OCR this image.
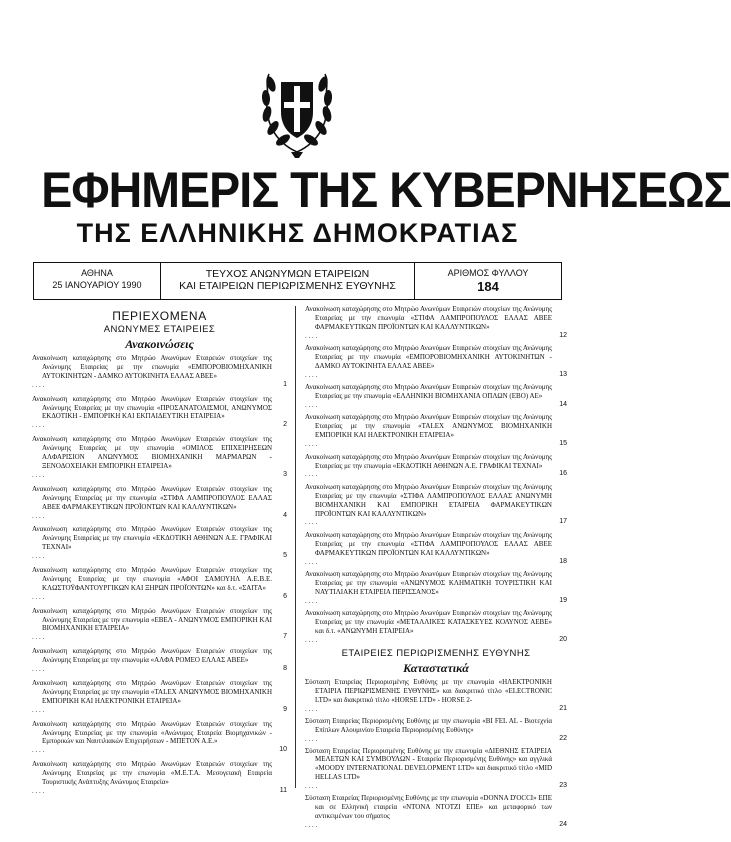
ΕΦΗΜΕΡΙΣ ΤΗΣ ΚΥΒΕΡΝΗΣΕΩΣ
ΤΗΣ ΕΛΛΗΝΙΚΗΣ ΔΗΜΟΚΡΑΤΙΑΣ
ΑΘΗΝΑ
25 ΙΑΝΟΥΑΡΙΟΥ 1990
ΤΕΥΧΟΣ ΑΝΩΝΥΜΩΝ ΕΤΑΙΡΕΙΩΝ
ΚΑΙ ΕΤΑΙΡΕΙΩΝ ΠΕΡΙΩΡΙΣΜΕΝΗΣ ΕΥΘΥΝΗΣ
ΑΡΙΘΜΟΣ ΦΥΛΛΟΥ
184
ΠΕΡΙΕΧΟΜΕΝΑ
ΑΝΩΝΥΜΕΣ ΕΤΑΙΡΕΙΕΣ
Ανακοινώσεις
Ανακοίνωση καταχώρησης στο Μητρώο Ανωνύμων Εταιρειών στοιχείων της Ανώνυμης Εταιρείας με την επωνυμία «ΕΜΠΟΡΟΒΙΟΜΗΧΑΝΙΚΗ ΑΥΤΟΚΙΝΗΤΩΝ - ΔΑΜΚΟ ΑΥΤΟΚΙΝΗΤΑ ΕΛΛΑΣ ΑΒΕΕ»
. . . .	1
Ανακοίνωση καταχώρησης στο Μητρώο Ανωνύμων Εταιρειών στοιχείων της Ανώνυμης Εταιρείας με την επωνυμία «ΠΡΟΣΑΝΑΤΟΛΙΣΜΟΙ, ΑΝΩΝΥΜΟΣ ΕΚΔΟΤΙΚΗ - ΕΜΠΟΡΙΚΗ ΚΑΙ ΕΚΠΑΙΔΕΥΤΙΚΗ ΕΤΑΙΡΕΙΑ»
. . . .	2
Ανακοίνωση καταχώρησης στο Μητρώο Ανωνύμων Εταιρειών στοιχείων της Ανώνυμης Εταιρείας με την επωνυμία «ΟΜΙΛΟΣ ΕΠΙΧΕΙΡΗΣΕΩΝ ΑΛΦΑΡΙΣΙΟΝ ΑΝΩΝΥΜΟΣ ΒΙΟΜΗΧΑΝΙΚΗ ΜΑΡΜΑΡΩΝ - ΞΕΝΟΔΟΧΕΙΑΚΗ ΕΜΠΟΡΙΚΗ ΕΤΑΙΡΕΙΑ»
. . . .	3
Ανακοίνωση καταχώρησης στο Μητρώο Ανωνύμων Εταιρειών στοιχείων της Ανώνυμης Εταιρείας με την επωνυμία «ΣΤΙΦΑ ΛΑΜΠΡΟΠΟΥΛΟΣ ΕΛΛΑΣ ΑΒΕΕ ΦΑΡΜΑΚΕΥΤΙΚΩΝ ΠΡΟΪΟΝΤΩΝ ΚΑΙ ΚΑΛΛΥΝΤΙΚΩΝ»
. . . .	4
Ανακοίνωση καταχώρησης στο Μητρώο Ανωνύμων Εταιρειών στοιχείων της Ανώνυμης Εταιρείας με την επωνυμία «ΕΚΔΟΤΙΚΗ ΑΘΗΝΩΝ Α.Ε. ΓΡΑΦΙΚΑΙ ΤΕΧΝΑΙ»
. . . .	5
Ανακοίνωση καταχώρησης στο Μητρώο Ανωνύμων Εταιρειών στοιχείων της Ανώνυμης Εταιρείας με την επωνυμία «ΑΦΟΙ ΣΑΜΟΥΗΛ Α.Ε.Β.Ε. ΚΛΩΣΤΟΫΦΑΝΤΟΥΡΓΙΚΩΝ ΚΑΙ ΞΗΡΩΝ ΠΡΟΪΟΝΤΩΝ» και δ.τ. «ΣΑΙΤΑ»
. . . .	6
Ανακοίνωση καταχώρησης στο Μητρώο Ανωνύμων Εταιρειών στοιχείων της Ανώνυμης Εταιρείας με την επωνυμία «ΕΒΕΛ - ΑΝΩΝΥΜΟΣ ΕΜΠΟΡΙΚΗ ΚΑΙ ΒΙΟΜΗΧΑΝΙΚΗ ΕΤΑΙΡΕΙΑ»
. . . .	7
Ανακοίνωση καταχώρησης στο Μητρώο Ανωνύμων Εταιρειών στοιχείων της Ανώνυμης Εταιρείας με την επωνυμία «ΑΛΦΑ ΡΟΜΕΟ ΕΛΛΑΣ ΑΒΕΕ»
. . . .	8
Ανακοίνωση καταχώρησης στο Μητρώο Ανωνύμων Εταιρειών στοιχείων της Ανώνυμης Εταιρείας με την επωνυμία «TALEX ΑΝΩΝΥΜΟΣ ΒΙΟΜΗΧΑΝΙΚΗ ΕΜΠΟΡΙΚΗ ΚΑΙ ΗΛΕΚΤΡΟΝΙΚΗ ΕΤΑΙΡΕΙΑ»
. . . .	9
Ανακοίνωση καταχώρησης στο Μητρώο Ανωνύμων Εταιρειών στοιχείων της Ανώνυμης Εταιρείας με την επωνυμία «Ανώνυμος Εταιρεία Βιομηχανικών - Εμπορικών και Ναυτιλιακών Επιχειρήσεων - ΜΠΕΤΟΝ Α.Ε.»
. . . .	10
Ανακοίνωση καταχώρησης στο Μητρώο Ανωνύμων Εταιρειών στοιχείων της Ανώνυμης Εταιρείας με την επωνυμία «Μ.Ε.Τ.Α. Μεσογειακή Εταιρεία Τουριστικής Ανάπτυξης Ανώνυμος Εταιρεία»
. . . .	11
Ανακοίνωση καταχώρησης στο Μητρώο Ανωνύμων Εταιρειών στοιχείων της Ανώνυμης Εταιρείας με την επωνυμία «ΣΤΙΦΑ ΛΑΜΠΡΟΠΟΥΛΟΣ ΕΛΛΑΣ ΑΒΕΕ ΦΑΡΜΑΚΕΥΤΙΚΩΝ ΠΡΟΪΟΝΤΩΝ ΚΑΙ ΚΑΛΛΥΝΤΙΚΩΝ»
. . . .	12
Ανακοίνωση καταχώρησης στο Μητρώο Ανωνύμων Εταιρειών στοιχείων της Ανώνυμης Εταιρείας με την επωνυμία «ΕΜΠΟΡΟΒΙΟΜΗΧΑΝΙΚΗ ΑΥΤΟΚΙΝΗΤΩΝ - ΔΑΜΚΟ ΑΥΤΟΚΙΝΗΤΑ ΕΛΛΑΣ ΑΒΕΕ»
. . . .	13
Ανακοίνωση καταχώρησης στο Μητρώο Ανωνύμων Εταιρειών στοιχείων της Ανώνυμης Εταιρείας με την επωνυμία «ΕΛΛΗΝΙΚΗ ΒΙΟΜΗΧΑΝΙΑ ΟΠΛΩΝ (ΕΒΟ) ΑΕ»
. . . .	14
Ανακοίνωση καταχώρησης στο Μητρώο Ανωνύμων Εταιρειών στοιχείων της Ανώνυμης Εταιρείας με την επωνυμία «TALEX ΑΝΩΝΥΜΟΣ ΒΙΟΜΗΧΑΝΙΚΗ ΕΜΠΟΡΙΚΗ ΚΑΙ ΗΛΕΚΤΡΟΝΙΚΗ ΕΤΑΙΡΕΙΑ»
. . . .	15
Ανακοίνωση καταχώρησης στο Μητρώο Ανωνύμων Εταιρειών στοιχείων της Ανώνυμης Εταιρείας με την επωνυμία «ΕΚΔΟΤΙΚΗ ΑΘΗΝΩΝ Α.Ε. ΓΡΑΦΙΚΑΙ ΤΕΧΝΑΙ»
. . . .	16
Ανακοίνωση καταχώρησης στο Μητρώο Ανωνύμων Εταιρειών στοιχείων της Ανώνυμης Εταιρείας με την επωνυμία «ΣΤΙΦΑ ΛΑΜΠΡΟΠΟΥΛΟΣ ΕΛΛΑΣ ΑΝΩΝΥΜΗ ΒΙΟΜΗΧΑΝΙΚΗ ΚΑΙ ΕΜΠΟΡΙΚΗ ΕΤΑΙΡΕΙΑ ΦΑΡΜΑΚΕΥΤΙΚΩΝ ΠΡΟΪΟΝΤΩΝ ΚΑΙ ΚΑΛΛΥΝΤΙΚΩΝ»
. . . .	17
Ανακοίνωση καταχώρησης στο Μητρώο Ανωνύμων Εταιρειών στοιχείων της Ανώνυμης Εταιρείας με την επωνυμία «ΣΤΙΦΑ ΛΑΜΠΡΟΠΟΥΛΟΣ ΕΛΛΑΣ ΑΒΕΕ ΦΑΡΜΑΚΕΥΤΙΚΩΝ ΠΡΟΪΟΝΤΩΝ ΚΑΙ ΚΑΛΛΥΝΤΙΚΩΝ»
. . . .	18
Ανακοίνωση καταχώρησης στο Μητρώο Ανωνύμων Εταιρειών στοιχείων της Ανώνυμης Εταιρείας με την επωνυμία «ΑΝΩΝΥΜΟΣ ΚΛΗΜΑΤΙΚΗ ΤΟΥΡΙΣΤΙΚΗ ΚΑΙ ΝΑΥΤΙΛΙΑΚΗ ΕΤΑΙΡΕΙΑ ΠΕΡΙΣΣΑΝΟΣ»
. . . .	19
Ανακοίνωση καταχώρησης στο Μητρώο Ανωνύμων Εταιρειών στοιχείων της Ανώνυμης Εταιρείας με την επωνυμία «ΜΕΤΑΛΛΙΚΕΣ ΚΑΤΑΣΚΕΥΕΣ ΚΟΛΥΝΟΣ ΑΕΒΕ» και δ.τ. «ΑΝΩΝΥΜΗ ΕΤΑΙΡΕΙΑ»
. . . .	20
ΕΤΑΙΡΕΙΕΣ ΠΕΡΙΩΡΙΣΜΕΝΗΣ ΕΥΘΥΝΗΣ
Καταστατικά
Σύσταση Εταιρείας Περιορισμένης Ευθύνης με την επωνυμία «ΗΛΕΚΤΡΟΝΙΚΗ ΕΤΑΙΡΙΑ ΠΕΡΙΩΡΙΣΜΕΝΗΣ ΕΥΘΥΝΗΣ» και διακριτικό τίτλο «ELECTRONIC LTD» και διακριτικό τίτλο «HORSE LTD» - HORSE 2-
. . . .	21
Σύσταση Εταιρείας Περιορισμένης Ευθύνης με την επωνυμία «BI FEL AL - Βιοτεχνία Επίπλων Αλουμινίου Εταιρεία Περιορισμένης Ευθύνης»
. . . .	22
Σύσταση Εταιρείας Περιορισμένης Ευθύνης με την επωνυμία «ΔΙΕΘΝΗΣ ΕΤΑΙΡΕΙΑ ΜΕΛΕΤΩΝ ΚΑΙ ΣΥΜΒΟΥΛΩΝ - Εταιρεία Περιορισμένης Ευθύνης» και αγγλικά «MOODY INTERNATIONAL DEVELOPMENT LTD» και διακριτικό τίτλο «MID HELLAS LTD»
. . . .	23
Σύσταση Εταιρείας Περιορισμένης Ευθύνης με την επωνυμία «DONNA D'OCCI» ΕΠΕ και σε Ελληνική εταιρεία «ΝΤΟΝΑ ΝΤΟΤΖΙ ΕΠΕ» και μεταφορικό των αντικειμένων του σήματος
. . . .	24
